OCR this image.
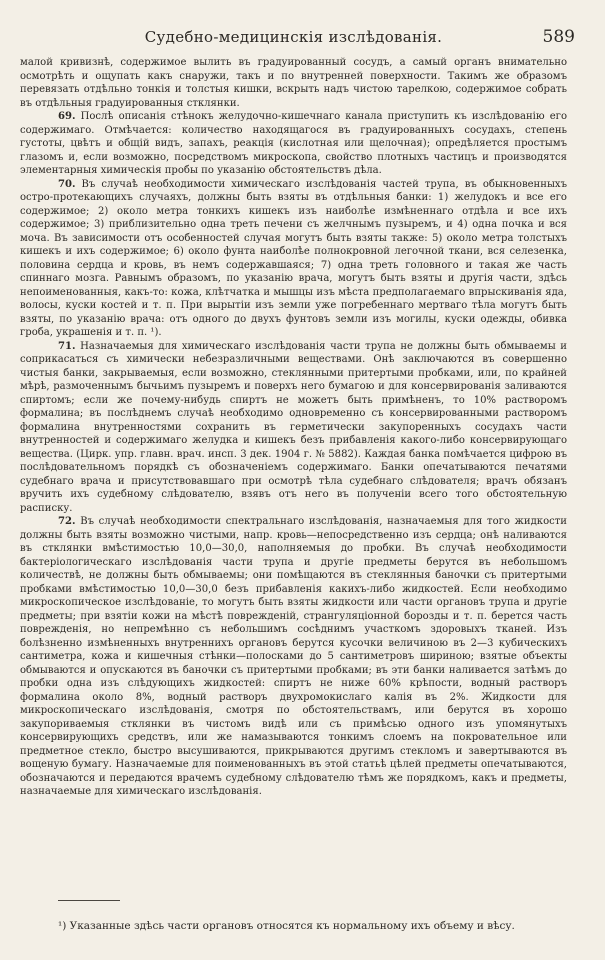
Судебно-медицинскiя изслѣдованiя.	589

малой кривизнѣ, содержимое вылить въ градуированный сосудъ, а самый органъ внимательно осмотрѣть и ощупать какъ снаружи, такъ и по внутренней поверхности. Такимъ же образомъ перевязать отдѣльно тонкiя и толстыя кишки, вскрыть надъ чистою тарелкою, содержимое собрать въ отдѣльныя градуированныя стклянки.

69. Послѣ описанiя стѣнокъ желудочно-кишечнаго канала приступить къ изслѣдованiю его содержимаго. Отмѣчается: количество находящагося въ градуированныхъ сосудахъ, степень густоты, цвѣтъ и общiй видъ, запахъ, реакцiя (кислотная или щелочная); опредѣляется простымъ глазомъ и, если возможно, посредствомъ микроскопа, свойство плотныхъ частицъ и производятся элементарныя химическiя пробы по указанiю обстоятельствъ дѣла.

70. Въ случаѣ необходимости химическаго изслѣдованiя частей трупа, въ обыкновенныхъ остро-протекающихъ случаяхъ, должны быть взяты въ отдѣльныя банки: 1) желудокъ и все его содержимое; 2) около метра тонкихъ кишекъ изъ наиболѣе измѣненнаго отдѣла и все ихъ содержимое; 3) приблизительно одна треть печени съ желчнымъ пузыремъ, и 4) одна почка и вся моча. Въ зависимости отъ особенностей случая могутъ быть взяты также: 5) около метра толстыхъ кишекъ и ихъ содержимое; 6) около фунта наиболѣе полнокровной легочной ткани, вся селезенка, половина сердца и кровь, въ немъ содержавшаяся; 7) одна треть головного и такая же часть спиннаго мозга. Равнымъ образомъ, по указанiю врача, могутъ быть взяты и другiя части, здѣсь непоименованныя, какъ-то: кожа, клѣтчатка и мышцы изъ мѣста предполагаемаго впрыскиванiя яда, волосы, куски костей и т. п. При вырытiи изъ земли уже погребеннаго мертваго тѣла могутъ быть взяты, по указанiю врача: отъ одного до двухъ фунтовъ земли изъ могилы, куски одежды, обивка гроба, украшенiя и т. п. ¹).

71. Назначаемыя для химическаго изслѣдованiя части трупа не должны быть обмываемы и соприкасаться съ химически небезразличными веществами. Онѣ заключаются въ совершенно чистыя банки, закрываемыя, если возможно, стеклянными притертыми пробками, или, по крайней мѣрѣ, размоченнымъ бычьимъ пузыремъ и поверхъ него бумагою и для консервированiя заливаются спиртомъ; если же почему-нибудь спиртъ не можетъ быть примѣненъ, то 10% растворомъ формалина; въ послѣднемъ случаѣ необходимо одновременно съ консервированными растворомъ формалина внутренностями сохранить въ герметически закупоренныхъ сосудахъ части внутренностей и содержимаго желудка и кишекъ безъ прибавленiя какого-либо консервирующаго вещества. (Цирк. упр. главн. врач. инсп. 3 дек. 1904 г. № 5882). Каждая банка помѣчается цифрою въ послѣдовательномъ порядкѣ съ обозначенiемъ содержимаго. Банки опечатываются печатями судебнаго врача и присутствовавшаго при осмотрѣ тѣла судебнаго слѣдователя; врачъ обязанъ вручить ихъ судебному слѣдователю, взявъ отъ него въ полученiи всего того обстоятельную расписку.

72. Въ случаѣ необходимости спектральнаго изслѣдованiя, назначаемыя для того жидкости должны быть взяты возможно чистыми, напр. кровь—непосредственно изъ сердца; онѣ наливаются въ стклянки вмѣстимостью 10,0—30,0, наполняемыя до пробки. Въ случаѣ необходимости бактерiологическаго изслѣдованiя части трупа и другiе предметы берутся въ небольшомъ количествѣ, не должны быть обмываемы; они помѣщаются въ стеклянныя баночки съ притертыми пробками вмѣстимостью 10,0—30,0 безъ прибавленiя какихъ-либо жидкостей. Если необходимо микроскопическое изслѣдованiе, то могутъ быть взяты жидкости или части органовъ трупа и другiе предметы; при взятiи кожи на мѣстѣ поврежденiй, странгуляцiонной борозды и т. п. берется часть поврежденiя, но непремѣнно съ небольшимъ сосѣднимъ участкомъ здоровыхъ тканей. Изъ болѣзненно измѣненныхъ внутреннихъ органовъ берутся кусочки величиною въ 2—3 кубическихъ сантиметра, кожа и кишечныя стѣнки—полосками до 5 сантиметровъ шириною; взятые объекты обмываются и опускаются въ баночки съ притертыми пробками; въ эти банки наливается затѣмъ до пробки одна изъ слѣдующихъ жидкостей: спиртъ не ниже 60% крѣпости, водный растворъ формалина около 8%, водный растворъ двухромокислаго калiя въ 2%. Жидкости для микроскопическаго изслѣдованiя, смотря по обстоятельствамъ, или берутся въ хорошо закупориваемыя стклянки въ чистомъ видѣ или съ примѣсью одного изъ упомянутыхъ консервирующихъ средствъ, или же намазываются тонкимъ слоемъ на покровательное или предметное стекло, быстро высушиваются, прикрываются другимъ стекломъ и завертываются въ вощеную бумагу. Назначаемые для поименованныхъ въ этой статьѣ цѣлей предметы опечатываются, обозначаются и передаются врачемъ судебному слѣдователю тѣмъ же порядкомъ, какъ и предметы, назначаемые для химическаго изслѣдованiя.

¹) Указанные здѣсь части органовъ относятся къ нормальному ихъ объему и вѣсу.
